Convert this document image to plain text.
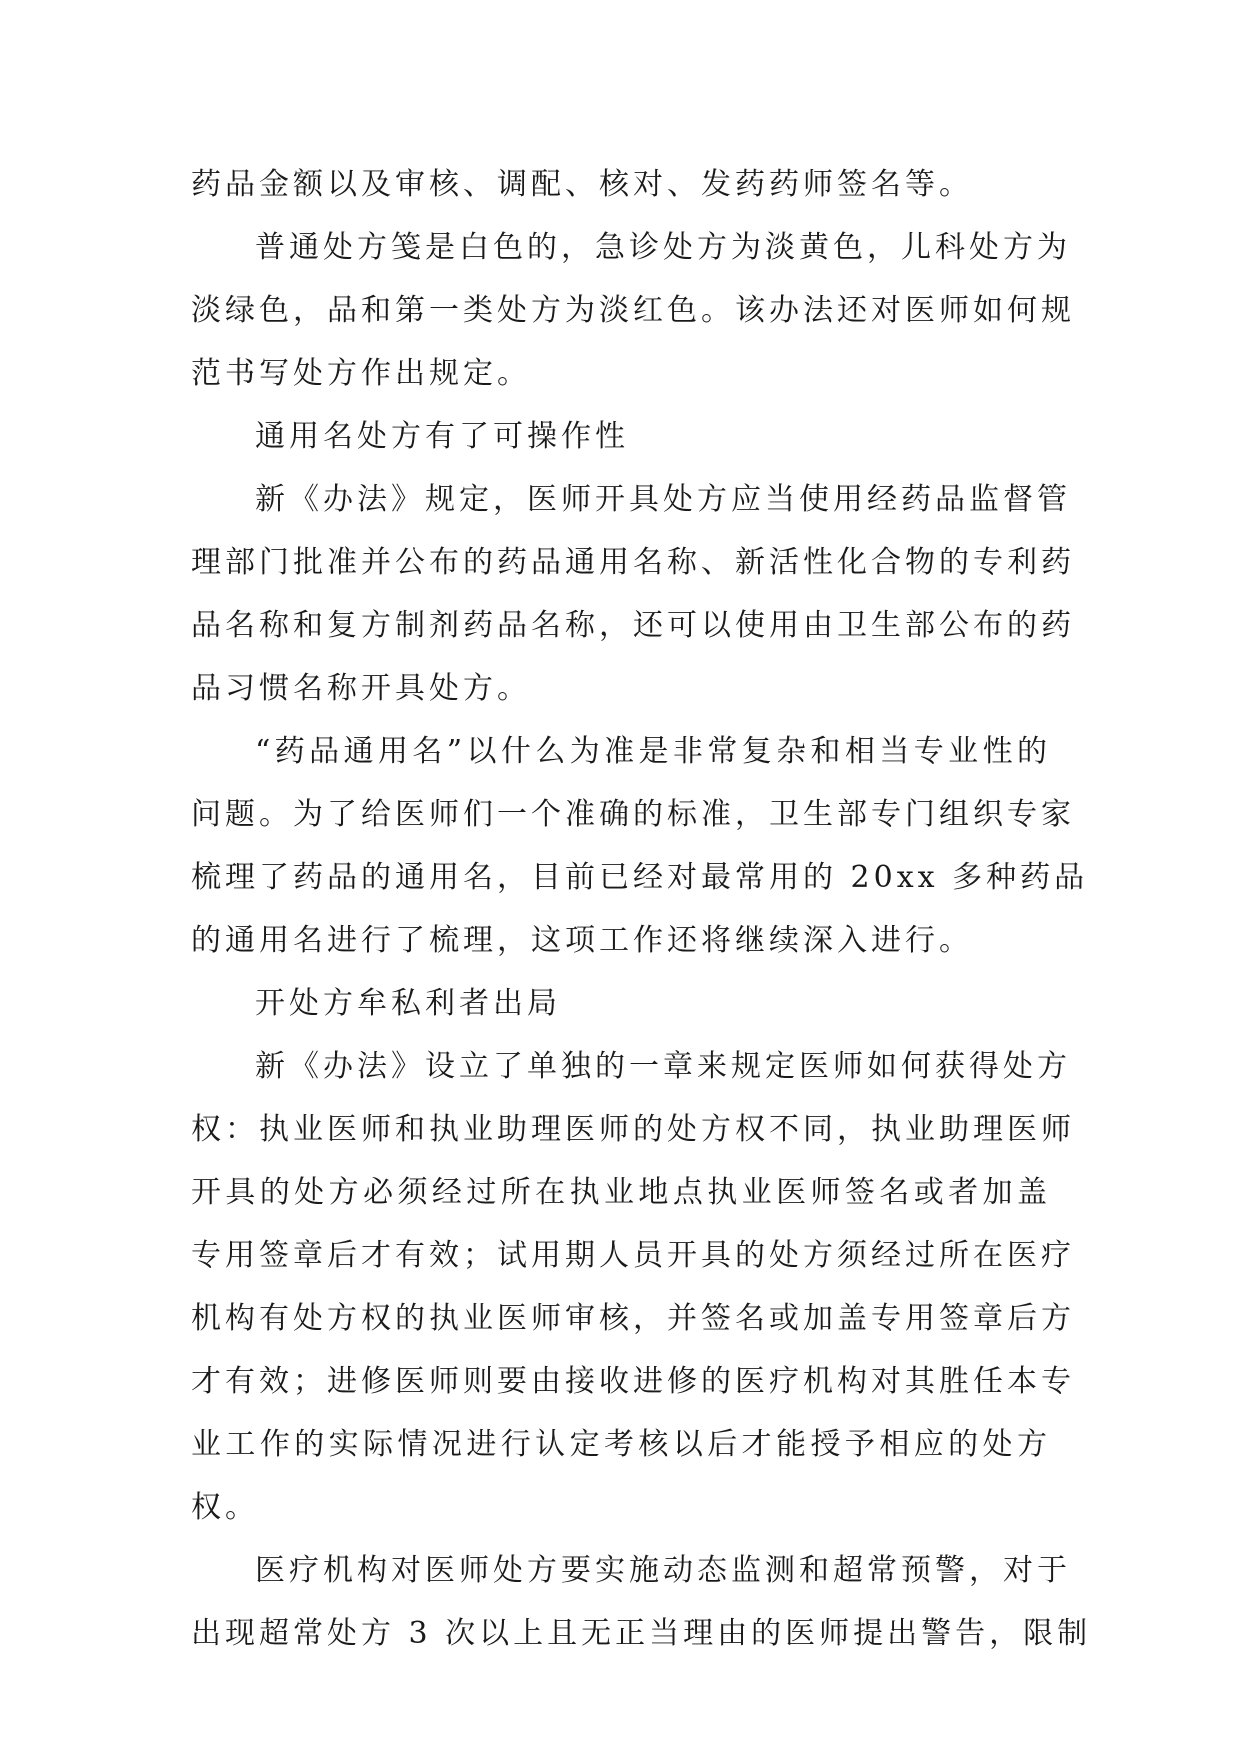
药品金额以及审核、调配、核对、发药药师签名等。

普通处方笺是白色的，急诊处方为淡黄色，儿科处方为
淡绿色，品和第一类处方为淡红色。该办法还对医师如何规
范书写处方作出规定。

通用名处方有了可操作性

新《办法》规定，医师开具处方应当使用经药品监督管
理部门批准并公布的药品通用名称、新活性化合物的专利药
品名称和复方制剂药品名称，还可以使用由卫生部公布的药
品习惯名称开具处方。

“药品通用名”以什么为准是非常复杂和相当专业性的
问题。为了给医师们一个准确的标准，卫生部专门组织专家
梳理了药品的通用名，目前已经对最常用的 20xx 多种药品
的通用名进行了梳理，这项工作还将继续深入进行。

开处方牟私利者出局

新《办法》设立了单独的一章来规定医师如何获得处方
权：执业医师和执业助理医师的处方权不同，执业助理医师
开具的处方必须经过所在执业地点执业医师签名或者加盖
专用签章后才有效；试用期人员开具的处方须经过所在医疗
机构有处方权的执业医师审核，并签名或加盖专用签章后方
才有效；进修医师则要由接收进修的医疗机构对其胜任本专
业工作的实际情况进行认定考核以后才能授予相应的处方
权。

医疗机构对医师处方要实施动态监测和超常预警，对于
出现超常处方 3 次以上且无正当理由的医师提出警告，限制
